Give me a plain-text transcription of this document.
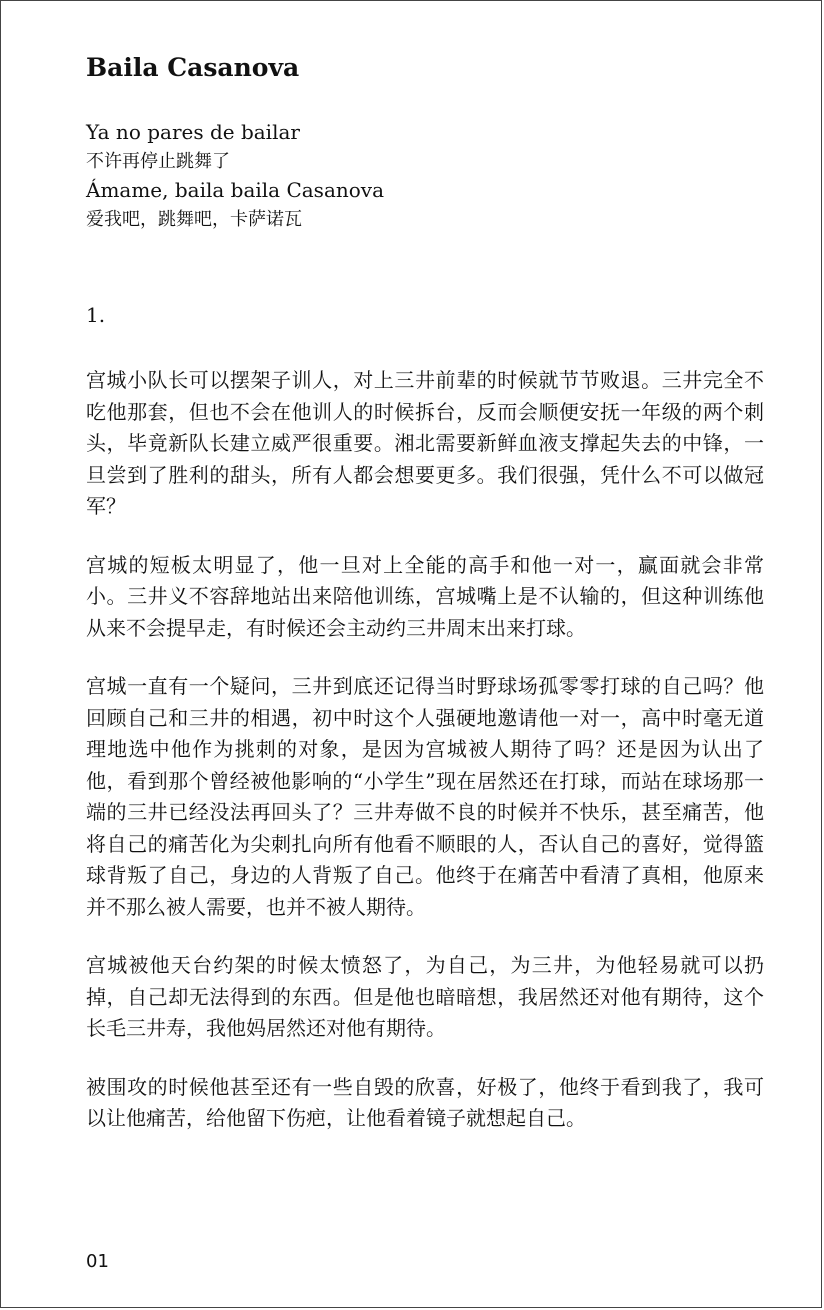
Baila Casanova
Ya no pares de bailar
不许再停止跳舞了
Ámame, baila baila Casanova
爱我吧，跳舞吧，卡萨诺瓦
1.

宫城小队长可以摆架子训人，对上三井前辈的时候就节节败退。三井完全不吃他那套，但也不会在他训人的时候拆台，反而会顺便安抚一年级的两个刺头，毕竟新队长建立威严很重要。湘北需要新鲜血液支撑起失去的中锋，一旦尝到了胜利的甜头，所有人都会想要更多。我们很强，凭什么不可以做冠军？

宫城的短板太明显了，他一旦对上全能的高手和他一对一，赢面就会非常小。三井义不容辞地站出来陪他训练，宫城嘴上是不认输的，但这种训练他从来不会提早走，有时候还会主动约三井周末出来打球。

宫城一直有一个疑问，三井到底还记得当时野球场孤零零打球的自己吗？他回顾自己和三井的相遇，初中时这个人强硬地邀请他一对一，高中时毫无道理地选中他作为挑刺的对象，是因为宫城被人期待了吗？还是因为认出了他，看到那个曾经被他影响的“小学生”现在居然还在打球，而站在球场那一端的三井已经没法再回头了？三井寿做不良的时候并不快乐，甚至痛苦，他将自己的痛苦化为尖刺扎向所有他看不顺眼的人，否认自己的喜好，觉得篮球背叛了自己，身边的人背叛了自己。他终于在痛苦中看清了真相，他原来并不那么被人需要，也并不被人期待。

宫城被他天台约架的时候太愤怒了，为自己，为三井，为他轻易就可以扔掉，自己却无法得到的东西。但是他也暗暗想，我居然还对他有期待，这个长毛三井寿，我他妈居然还对他有期待。

被围攻的时候他甚至还有一些自毁的欣喜，好极了，他终于看到我了，我可以让他痛苦，给他留下伤疤，让他看着镜子就想起自己。

01
